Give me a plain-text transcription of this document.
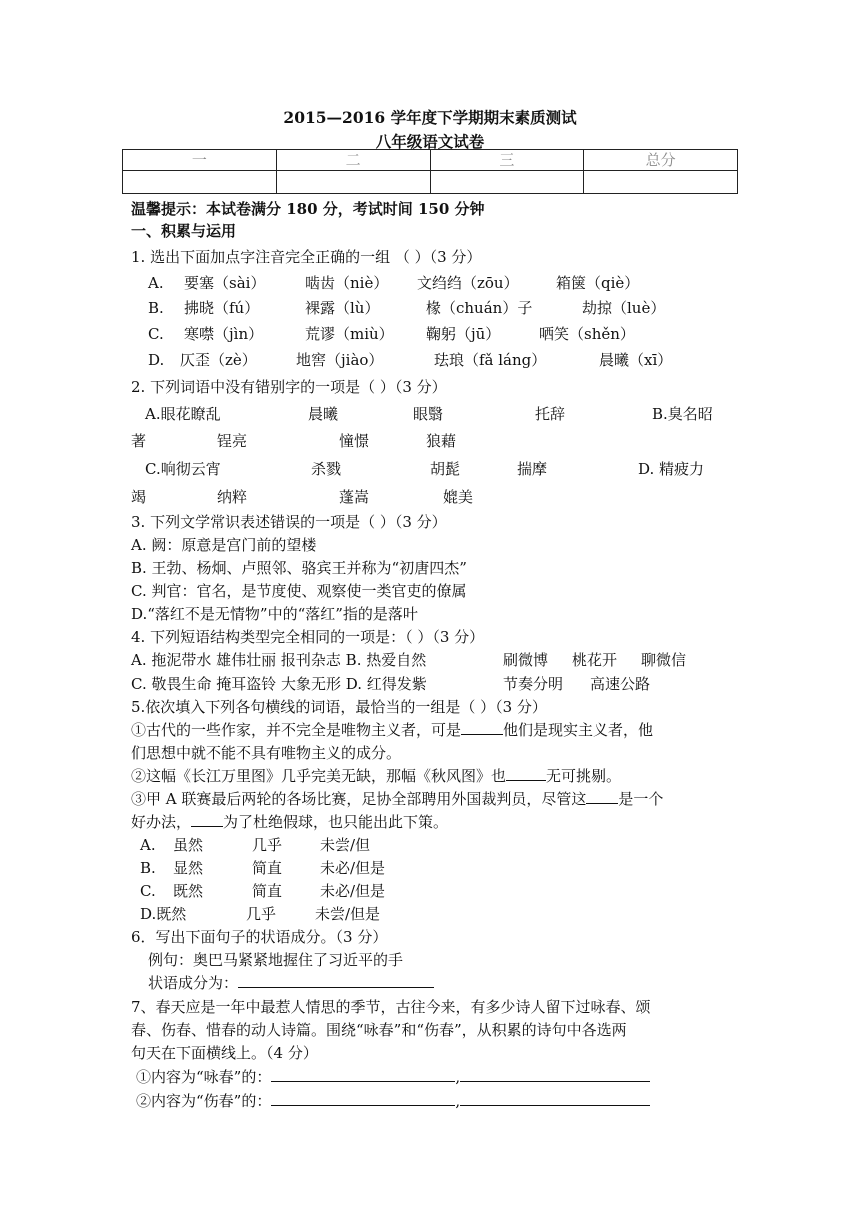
2015—2016 学年度下学期期末素质测试
八年级语文试卷
一	二	三	总分

温馨提示：本试卷满分 180 分，考试时间 150 分钟
一、积累与运用
1. 选出下面加点字注音完全正确的一组 （ ）（3 分）
A. 要塞（sài）	啮齿（niè） 文绉绉（zōu） 箱箧（qiè）
B. 拂晓（fú）	裸露（lù）	椽（chuán）子	劫掠（luè）
C. 寒噤（jìn）	荒谬（miù） 鞠躬（jū）	哂笑（shěn）
D. 仄歪（zè）	地窖（jiào）	珐琅（fǎ láng）	晨曦（xī）
2. 下列词语中没有错别字的一项是（ ）（3 分）
A.眼花瞭乱	晨曦	眼翳	托辞	B.臭名昭
著	锃亮	憧憬	狼藉
C.响彻云宵	杀戮	胡髭	揣摩	D. 精疲力
竭	纳粹	蓬嵩	媲美
3. 下列文学常识表述错误的一项是（ ）（3 分）
A. 阙：原意是宫门前的望楼
B. 王勃、杨炯、卢照邻、骆宾王并称为“初唐四杰”
C. 判官：官名，是节度使、观察使一类官吏的僚属
D.“落红不是无情物”中的“落红”指的是落叶
4. 下列短语结构类型完全相同的一项是：（ ）（3 分）
A. 拖泥带水 雄伟壮丽 报刊杂志 B. 热爱自然	刷微博 桃花开 聊微信
C. 敬畏生命 掩耳盗铃 大象无形 D. 红得发紫	节奏分明 高速公路
5.依次填入下列各句横线的词语，最恰当的一组是（ ）（3 分）
①古代的一些作家，并不完全是唯物主义者，可是	他们是现实主义者，他
们思想中就不能不具有唯物主义的成分。
②这幅《长江万里图》几乎完美无缺，那幅《秋风图》也	无可挑剔。
③甲 A 联赛最后两轮的各场比赛，足协全部聘用外国裁判员，尽管这 是一个
好办法， 为了杜绝假球，也只能出此下策。
A. 虽然	几乎	未尝/但
B. 显然	简直	未必/但是
C. 既然	简直	未必/但是
D.既然	几乎	未尝/但是
6．写出下面句子的状语成分。（3 分）
例句：奥巴马紧紧地握住了习近平的手
状语成分为：
7、春天应是一年中最惹人情思的季节，古往今来，有多少诗人留下过咏春、颂
春、伤春、惜春的动人诗篇。围绕“咏春”和“伤春”，从积累的诗句中各选两
句天在下面横线上。（4 分）
①内容为“咏春”的：	,
②内容为“伤春”的：	,
